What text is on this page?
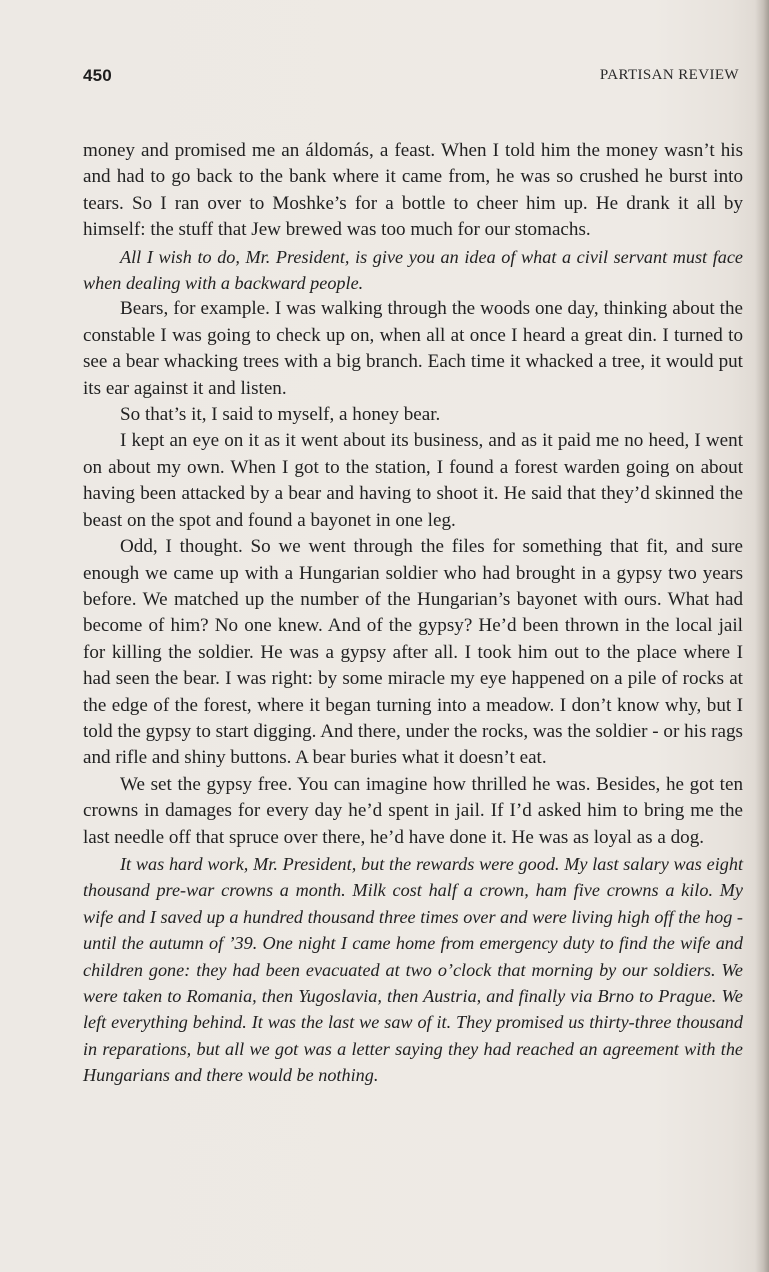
450	PARTISAN REVIEW

money and promised me an áldomás, a feast. When I told him the money wasn’t his and had to go back to the bank where it came from, he was so crushed he burst into tears. So I ran over to Moshke’s for a bottle to cheer him up. He drank it all by himself: the stuff that Jew brewed was too much for our stomachs.

All I wish to do, Mr. President, is give you an idea of what a civil servant must face when dealing with a backward people.

Bears, for example. I was walking through the woods one day, thinking about the constable I was going to check up on, when all at once I heard a great din. I turned to see a bear whacking trees with a big branch. Each time it whacked a tree, it would put its ear against it and listen.

So that’s it, I said to myself, a honey bear.

I kept an eye on it as it went about its business, and as it paid me no heed, I went on about my own. When I got to the station, I found a forest warden going on about having been attacked by a bear and having to shoot it. He said that they’d skinned the beast on the spot and found a bayonet in one leg.

Odd, I thought. So we went through the files for something that fit, and sure enough we came up with a Hungarian soldier who had brought in a gypsy two years before. We matched up the number of the Hungarian’s bayonet with ours. What had become of him? No one knew. And of the gypsy? He’d been thrown in the local jail for killing the soldier. He was a gypsy after all. I took him out to the place where I had seen the bear. I was right: by some miracle my eye happened on a pile of rocks at the edge of the forest, where it began turning into a meadow. I don’t know why, but I told the gypsy to start digging. And there, under the rocks, was the soldier - or his rags and rifle and shiny buttons. A bear buries what it doesn’t eat.

We set the gypsy free. You can imagine how thrilled he was. Besides, he got ten crowns in damages for every day he’d spent in jail. If I’d asked him to bring me the last needle off that spruce over there, he’d have done it. He was as loyal as a dog.

It was hard work, Mr. President, but the rewards were good. My last salary was eight thousand pre-war crowns a month. Milk cost half a crown, ham five crowns a kilo. My wife and I saved up a hundred thousand three times over and were living high off the hog - until the autumn of ’39. One night I came home from emergency duty to find the wife and children gone: they had been evacuated at two o’clock that morning by our soldiers. We were taken to Romania, then Yugoslavia, then Austria, and finally via Brno to Prague. We left everything behind. It was the last we saw of it. They promised us thirty-three thousand in reparations, but all we got was a letter saying they had reached an agreement with the Hungarians and there would be nothing.
